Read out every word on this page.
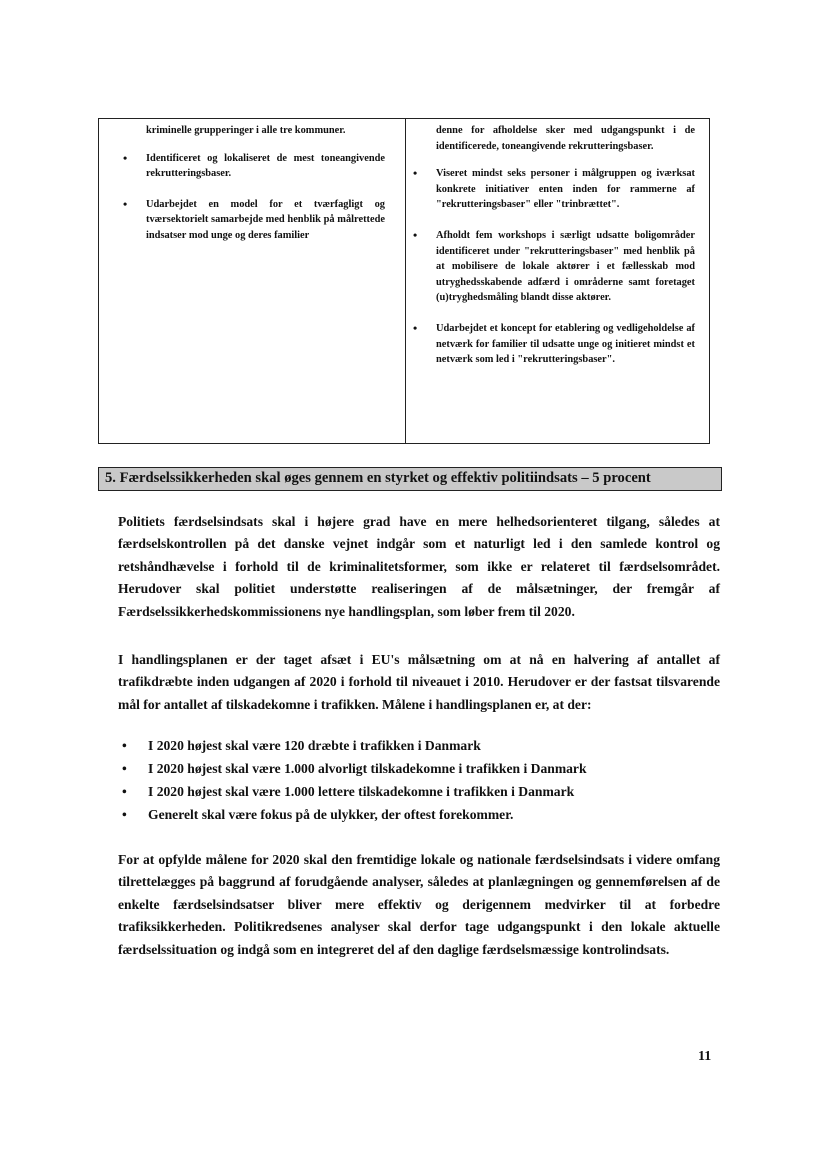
kriminelle grupperinger i alle tre kommuner.

• Identificeret og lokaliseret de mest toneangivende rekrutteringsbaser.
• Udarbejdet en model for et tværfagligt og tværsektorielt samarbejde med henblik på målrettede indsatser mod unge og deres familier

denne for afholdelse sker med udgangspunkt i de identificerede, toneangivende rekrutteringsbaser.

• Viseret mindst seks personer i målgruppen og iværksat konkrete initiativer enten inden for rammerne af "rekrutteringsbaser" eller "trinbrættet".
• Afholdt fem workshops i særligt udsatte boligområder identificeret under "rekrutteringsbaser" med henblik på at mobilisere de lokale aktører i et fællesskab mod utryghedsskabende adfærd i områderne samt foretaget (u)tryghedsmåling blandt disse aktører.
• Udarbejdet et koncept for etablering og vedligeholdelse af netværk for familier til udsatte unge og initieret mindst et netværk som led i "rekrutteringsbaser".
5. Færdselssikkerheden skal øges gennem en styrket og effektiv politiindsats – 5 procent

Politiets færdselsindsats skal i højere grad have en mere helhedsorienteret tilgang, således at færdselskontrollen på det danske vejnet indgår som et naturligt led i den samlede kontrol og retshåndhævelse i forhold til de kriminalitetsformer, som ikke er relateret til færdselsområdet. Herudover skal politiet understøtte realiseringen af de målsætninger, der fremgår af Færdselssikkerhedskommissionens nye handlingsplan, som løber frem til 2020.

I handlingsplanen er der taget afsæt i EU's målsætning om at nå en halvering af antallet af trafikdræbte inden udgangen af 2020 i forhold til niveauet i 2010. Herudover er der fastsat tilsvarende mål for antallet af tilskadekomne i trafikken. Målene i handlingsplanen er, at der:

• I 2020 højest skal være 120 dræbte i trafikken i Danmark
• I 2020 højest skal være 1.000 alvorligt tilskadekomne i trafikken i Danmark
• I 2020 højest skal være 1.000 lettere tilskadekomne i trafikken i Danmark
• Generelt skal være fokus på de ulykker, der oftest forekommer.

For at opfylde målene for 2020 skal den fremtidige lokale og nationale færdselsindsats i videre omfang tilrettelægges på baggrund af forudgående analyser, således at planlægningen og gennemførelsen af de enkelte færdselsindsatser bliver mere effektiv og derigennem medvirker til at forbedre trafiksikkerheden. Politikredsenes analyser skal derfor tage udgangspunkt i den lokale aktuelle færdselssituation og indgå som en integreret del af den daglige færdselsmæssige kontrolindsats.

11
